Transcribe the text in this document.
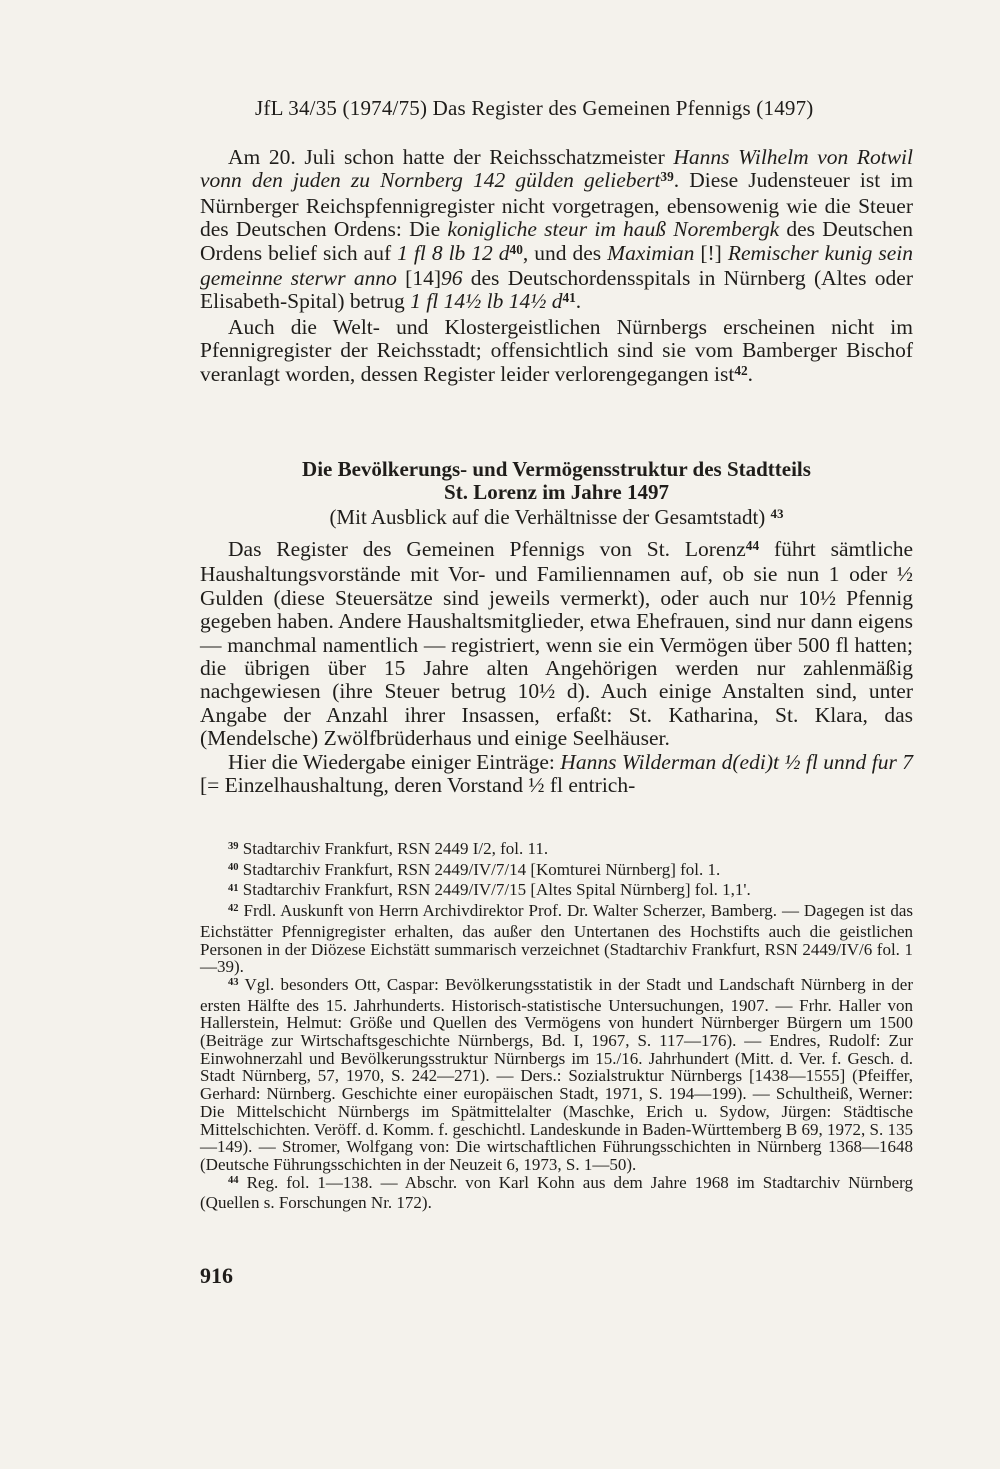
JfL 34/35 (1974/75) Das Register des Gemeinen Pfennigs (1497)

Am 20. Juli schon hatte der Reichsschatzmeister Hanns Wilhelm von Rotwil vonn den juden zu Nornberg 142 gülden geliebert$^{39}$. Diese Judensteuer ist im Nürnberger Reichspfennigregister nicht vorgetragen, ebensowenig wie die Steuer des Deutschen Ordens: Die konigliche steur im hauß Norembergk des Deutschen Ordens belief sich auf 1 fl 8 lb 12 d$^{40}$, und des Maximian [!] Remischer kunig sein gemeinne sterwr anno [14]96 des Deutschordensspitals in Nürnberg (Altes oder Elisabeth-Spital) betrug 1 fl 14½ lb 14½ d$^{41}$.

Auch die Welt- und Klostergeistlichen Nürnbergs erscheinen nicht im Pfennigregister der Reichsstadt; offensichtlich sind sie vom Bamberger Bischof veranlagt worden, dessen Register leider verlorengegangen ist$^{42}$.

Die Bevölkerungs- und Vermögensstruktur des Stadtteils
St. Lorenz im Jahre 1497
(Mit Ausblick auf die Verhältnisse der Gesamtstadt) $^{43}$

Das Register des Gemeinen Pfennigs von St. Lorenz$^{44}$ führt sämtliche Haushaltungsvorstände mit Vor- und Familiennamen auf, ob sie nun 1 oder ½ Gulden (diese Steuersätze sind jeweils vermerkt), oder auch nur 10½ Pfennig gegeben haben. Andere Haushaltsmitglieder, etwa Ehefrauen, sind nur dann eigens — manchmal namentlich — registriert, wenn sie ein Vermögen über 500 fl hatten; die übrigen über 15 Jahre alten Angehörigen werden nur zahlenmäßig nachgewiesen (ihre Steuer betrug 10½ d). Auch einige Anstalten sind, unter Angabe der Anzahl ihrer Insassen, erfaßt: St. Katharina, St. Klara, das (Mendelsche) Zwölfbrüderhaus und einige Seelhäuser.

Hier die Wiedergabe einiger Einträge: Hanns Wilderman d(edi)t ½ fl unnd fur 7 [= Einzelhaushaltung, deren Vorstand ½ fl entrich-

$^{39}$ Stadtarchiv Frankfurt, RSN 2449 I/2, fol. 11.

$^{40}$ Stadtarchiv Frankfurt, RSN 2449/IV/7/14 [Komturei Nürnberg] fol. 1.

$^{41}$ Stadtarchiv Frankfurt, RSN 2449/IV/7/15 [Altes Spital Nürnberg] fol. 1,1'.

$^{42}$ Frdl. Auskunft von Herrn Archivdirektor Prof. Dr. Walter Scherzer, Bamberg. — Dagegen ist das Eichstätter Pfennigregister erhalten, das außer den Untertanen des Hochstifts auch die geistlichen Personen in der Diözese Eichstätt summarisch verzeichnet (Stadtarchiv Frankfurt, RSN 2449/IV/6 fol. 1—39).

$^{43}$ Vgl. besonders Ott, Caspar: Bevölkerungsstatistik in der Stadt und Landschaft Nürnberg in der ersten Hälfte des 15. Jahrhunderts. Historisch-statistische Untersuchungen, 1907. — Frhr. Haller von Hallerstein, Helmut: Größe und Quellen des Vermögens von hundert Nürnberger Bürgern um 1500 (Beiträge zur Wirtschaftsgeschichte Nürnbergs, Bd. I, 1967, S. 117—176). — Endres, Rudolf: Zur Einwohnerzahl und Bevölkerungsstruktur Nürnbergs im 15./16. Jahrhundert (Mitt. d. Ver. f. Gesch. d. Stadt Nürnberg, 57, 1970, S. 242—271). — Ders.: Sozialstruktur Nürnbergs [1438—1555] (Pfeiffer, Gerhard: Nürnberg. Geschichte einer europäischen Stadt, 1971, S. 194—199). — Schultheiß, Werner: Die Mittelschicht Nürnbergs im Spätmittelalter (Maschke, Erich u. Sydow, Jürgen: Städtische Mittelschichten. Veröff. d. Komm. f. geschichtl. Landeskunde in Baden-Württemberg B 69, 1972, S. 135—149). — Stromer, Wolfgang von: Die wirtschaftlichen Führungsschichten in Nürnberg 1368—1648 (Deutsche Führungsschichten in der Neuzeit 6, 1973, S. 1—50).

$^{44}$ Reg. fol. 1—138. — Abschr. von Karl Kohn aus dem Jahre 1968 im Stadtarchiv Nürnberg (Quellen s. Forschungen Nr. 172).

916
